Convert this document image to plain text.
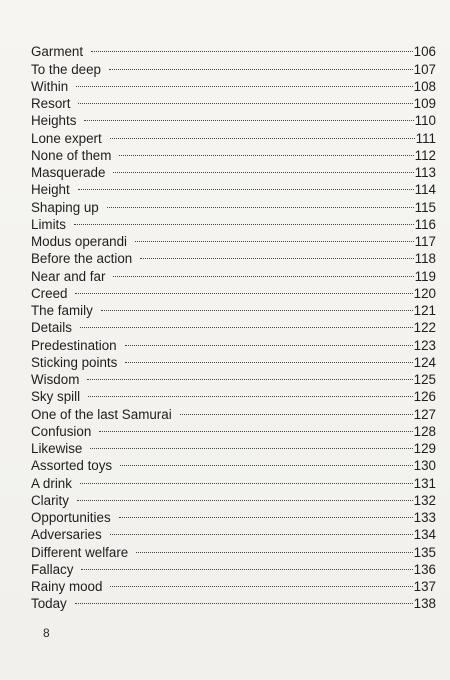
Garment	106
To the deep	107
Within	108
Resort	109
Heights	110
Lone expert	111
None of them	112
Masquerade	113
Height	114
Shaping up	115
Limits	116
Modus operandi	117
Before the action	118
Near and far	119
Creed	120
The family	121
Details	122
Predestination	123
Sticking points	124
Wisdom	125
Sky spill	126
One of the last Samurai	127
Confusion	128
Likewise	129
Assorted toys	130
A drink	131
Clarity	132
Opportunities	133
Adversaries	134
Different welfare	135
Fallacy	136
Rainy mood	137
Today	138
8
